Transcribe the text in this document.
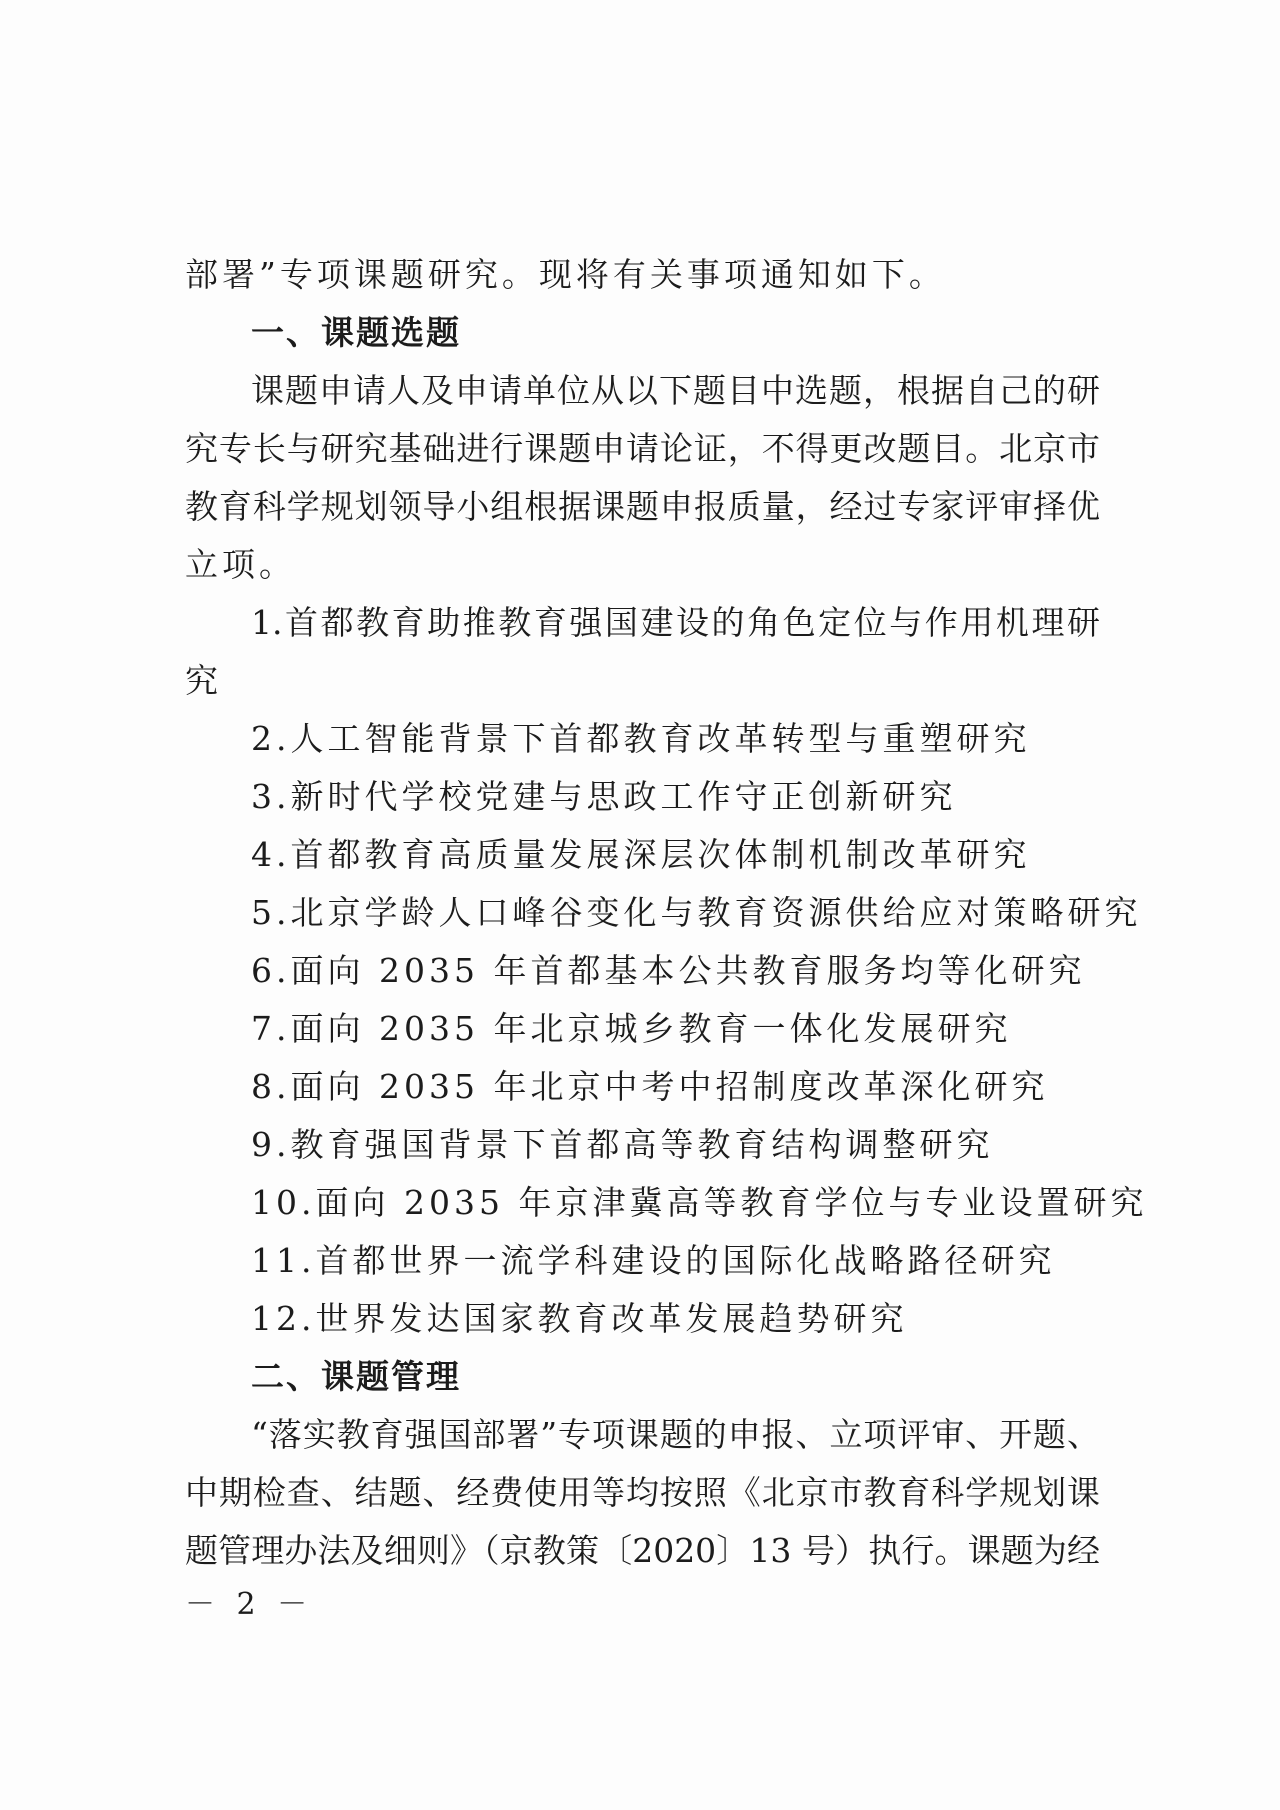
部署”专项课题研究。现将有关事项通知如下。
一、课题选题
课题申请人及申请单位从以下题目中选题，根据自己的研
究专长与研究基础进行课题申请论证，不得更改题目。北京市
教育科学规划领导小组根据课题申报质量，经过专家评审择优
立项。
1.首都教育助推教育强国建设的角色定位与作用机理研
究
2.人工智能背景下首都教育改革转型与重塑研究
3.新时代学校党建与思政工作守正创新研究
4.首都教育高质量发展深层次体制机制改革研究
5.北京学龄人口峰谷变化与教育资源供给应对策略研究
6.面向 2035 年首都基本公共教育服务均等化研究
7.面向 2035 年北京城乡教育一体化发展研究
8.面向 2035 年北京中考中招制度改革深化研究
9.教育强国背景下首都高等教育结构调整研究
10.面向 2035 年京津冀高等教育学位与专业设置研究
11.首都世界一流学科建设的国际化战略路径研究
12.世界发达国家教育改革发展趋势研究
二、课题管理
“落实教育强国部署”专项课题的申报、立项评审、开题、
中期检查、结题、经费使用等均按照《北京市教育科学规划课
题管理办法及细则》（京教策〔2020〕13 号）执行。课题为经
－ 2 －
